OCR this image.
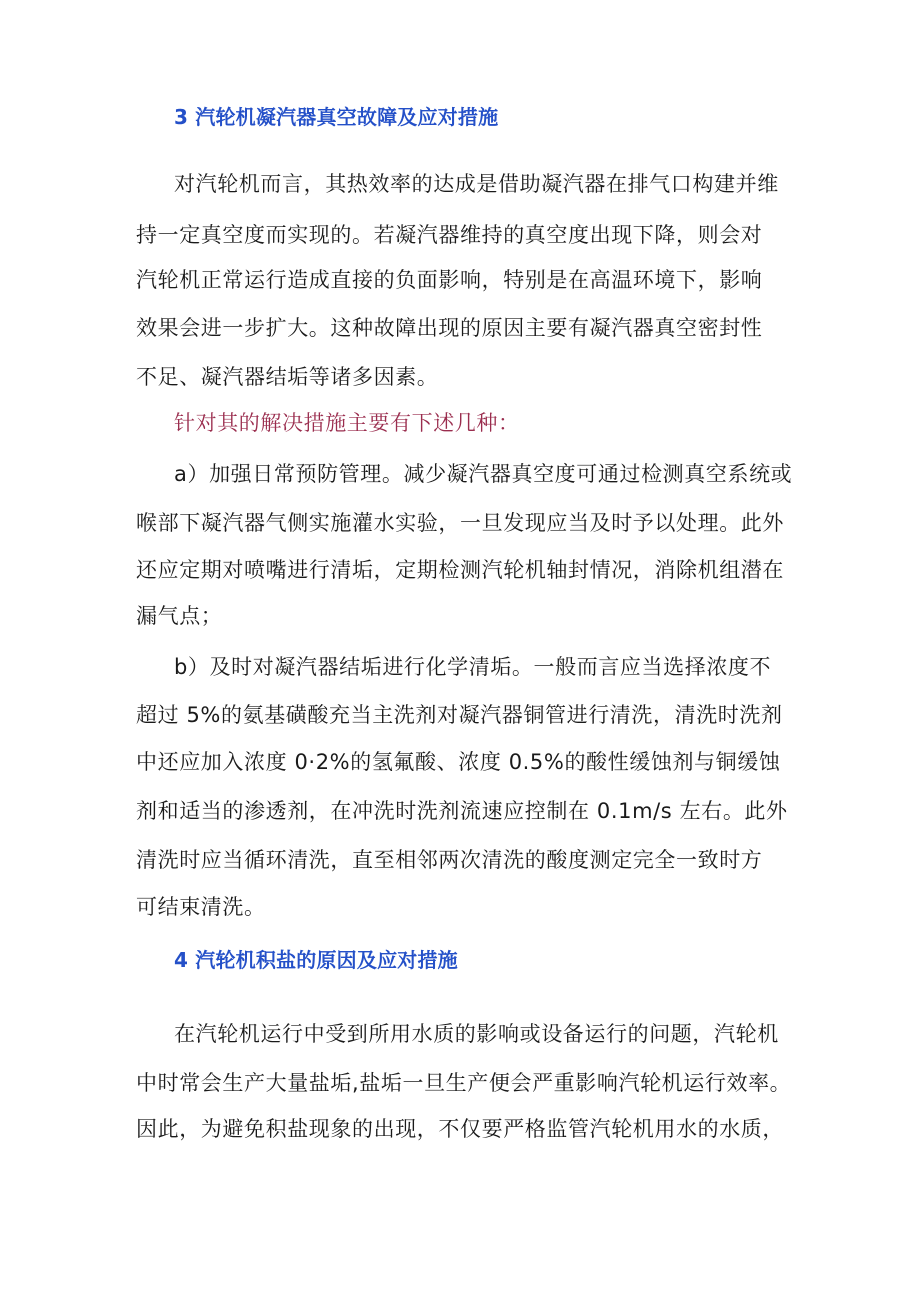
3 汽轮机凝汽器真空故障及应对措施
对汽轮机而言，其热效率的达成是借助凝汽器在排气口构建并维
持一定真空度而实现的。若凝汽器维持的真空度出现下降，则会对
汽轮机正常运行造成直接的负面影响，特别是在高温环境下，影响
效果会进一步扩大。这种故障出现的原因主要有凝汽器真空密封性
不足、凝汽器结垢等诸多因素。
针对其的解决措施主要有下述几种：
a）加强日常预防管理。减少凝汽器真空度可通过检测真空系统或
喉部下凝汽器气侧实施灌水实验，一旦发现应当及时予以处理。此外
还应定期对喷嘴进行清垢，定期检测汽轮机轴封情况，消除机组潜在
漏气点；
b）及时对凝汽器结垢进行化学清垢。一般而言应当选择浓度不
超过 5%的氨基磺酸充当主洗剂对凝汽器铜管进行清洗，清洗时洗剂
中还应加入浓度 0·2%的氢氟酸、浓度 0.5%的酸性缓蚀剂与铜缓蚀
剂和适当的渗透剂，在冲洗时洗剂流速应控制在 0.1m/s 左右。此外
清洗时应当循环清洗，直至相邻两次清洗的酸度测定完全一致时方
可结束清洗。
4 汽轮机积盐的原因及应对措施
在汽轮机运行中受到所用水质的影响或设备运行的问题，汽轮机
中时常会生产大量盐垢,盐垢一旦生产便会严重影响汽轮机运行效率。
因此，为避免积盐现象的出现，不仅要严格监管汽轮机用水的水质，
